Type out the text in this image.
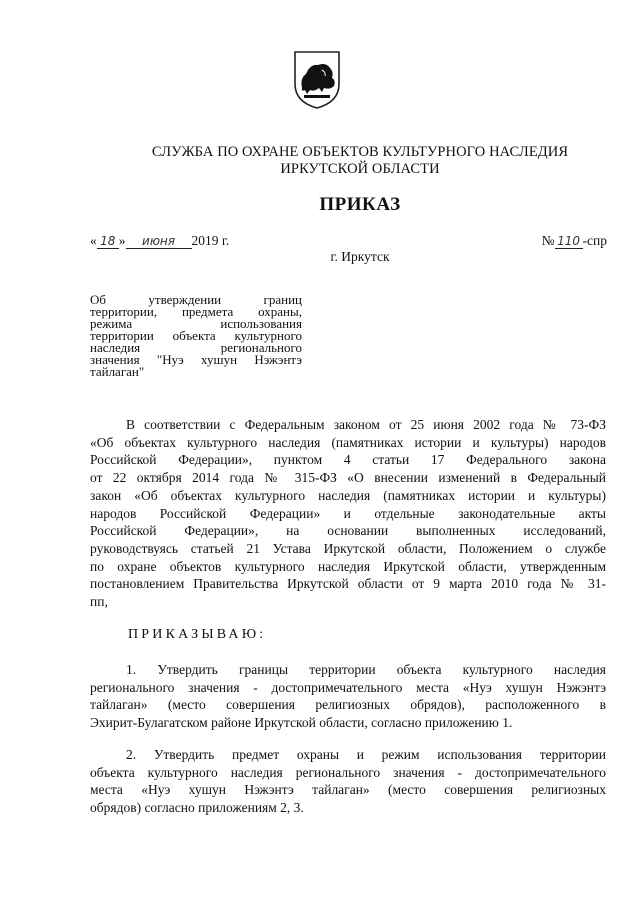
СЛУЖБА ПО ОХРАНЕ ОБЪЕКТОВ КУЛЬТУРНОГО НАСЛЕДИЯ
ИРКУТСКОЙ ОБЛАСТИ
ПРИКАЗ
« 18 » июня 2019 г.	№ 110 -спр
г. Иркутск
Об утверждении границ
территории, предмета охраны,
режима использования
территории объекта культурного
наследия регионального
значения "Нуэ хушун Нэжэнтэ
тайлаган"
В соответствии с Федеральным законом от 25 июня 2002 года № 73-ФЗ
«Об объектах культурного наследия (памятниках истории и культуры) народов
Российской Федерации», пунктом 4 статьи 17 Федерального закона
от 22 октября 2014 года № 315-ФЗ «О внесении изменений в Федеральный
закон «Об объектах культурного наследия (памятниках истории и культуры)
народов Российской Федерации» и отдельные законодательные акты
Российской Федерации», на основании выполненных исследований,
руководствуясь статьей 21 Устава Иркутской области, Положением о службе
по охране объектов культурного наследия Иркутской области, утвержденным
постановлением Правительства Иркутской области от 9 марта 2010 года № 31-
пп,
ПРИКАЗЫВАЮ:
1. Утвердить границы территории объекта культурного наследия
регионального значения - достопримечательного места «Нуэ хушун Нэжэнтэ
тайлаган» (место совершения религиозных обрядов), расположенного в
Эхирит-Булагатском районе Иркутской области, согласно приложению 1.
2. Утвердить предмет охраны и режим использования территории
объекта культурного наследия регионального значения - достопримечательного
места «Нуэ хушун Нэжэнтэ тайлаган» (место совершения религиозных
обрядов) согласно приложениям 2, 3.
